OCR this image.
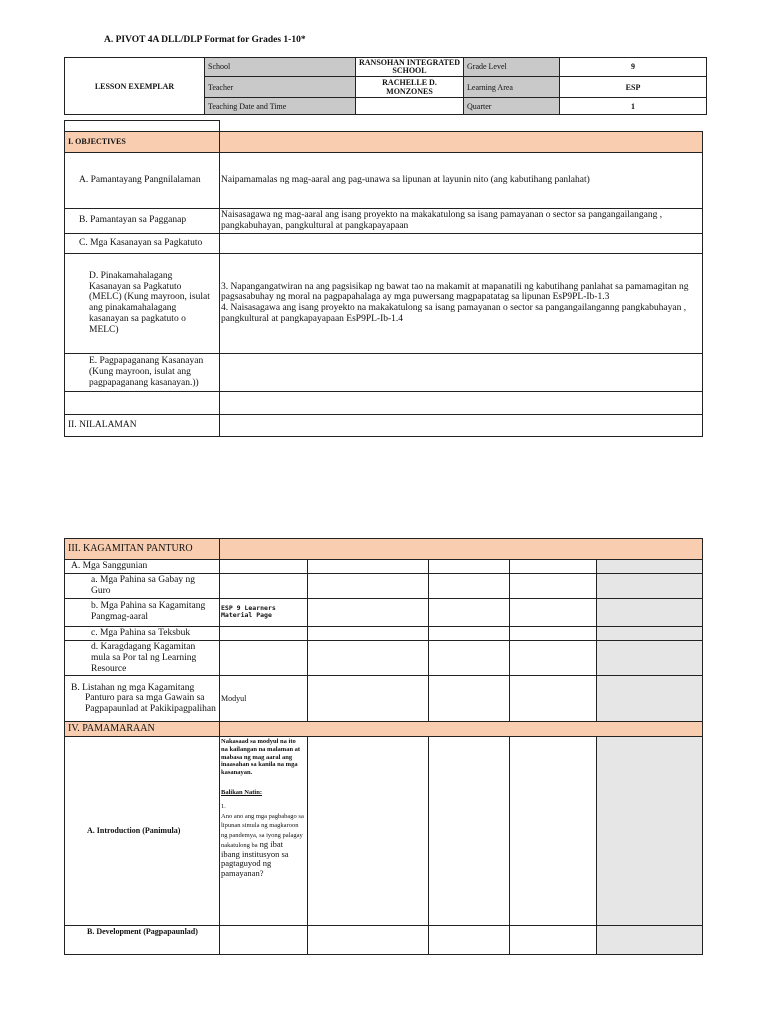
A. PIVOT 4A DLL/DLP Format for Grades 1-10*
LESSON EXEMPLAR	School	RANSOHAN INTEGRATED SCHOOL	Grade Level	9
	Teacher	RACHELLE D. MONZONES	Learning Area	ESP
	Teaching Date and Time		Quarter	1
I. OBJECTIVES	
A. Pamantayang Pangnilalaman	Naipamamalas ng mag-aaral ang pag-unawa sa lipunan at layunin nito (ang kabutihang panlahat)
B. Pamantayan sa Pagganap	Naisasagawa ng mag-aaral ang isang proyekto na makakatulong sa isang pamayanan o sector sa pangangailangang , pangkabuhayan, pangkultural at pangkapayapaan
C. Mga Kasanayan sa Pagkatuto	
D. Pinakamahalagang Kasanayan sa Pagkatuto (MELC) (Kung mayroon, isulat ang pinakamahalagang kasanayan sa pagkatuto o MELC)	3. Napangangatwiran na ang pagsisikap ng bawat tao na makamit at mapanatili ng kabutihang panlahat sa pamamagitan ng pagsasabuhay ng moral na pagpapahalaga ay mga puwersang magpapatatag sa lipunan EsP9PL-Ib-1.3
4. Naisasagawa ang isang proyekto na makakatulong sa isang pamayanan o sector sa pangangailanganng pangkabuhayan , pangkultural at pangkapayapaan EsP9PL-Ib-1.4

E. Pagpapaganang Kasanayan (Kung mayroon, isulat ang pagpapaganang kasanayan.))	

II. NILALAMAN	
III. KAGAMITAN PANTURO					
A. Mga Sanggunian					
a. Mga Pahina sa Gabay ng Guro					
b. Mga Pahina sa Kagamitang Pangmag-aaral	ESP 9 Learners Material Page				
c. Mga Pahina sa Teksbuk					
d. Karagdagang Kagamitan mula sa Por tal ng Learning Resource					
B. Listahan ng mga Kagamitang Panturo para sa mga Gawain sa Pagpapaunlad at Pakikipagpalihan	Modyul				
IV. PAMAMARAAN					
A. Introduction (Panimula)	Nakasaad sa modyul na ito na kailangan na malaman at mabasa ng mag aaral ang inaasahan sa kanila na mga kasanayan.

Balikan Natin:

1.

Ano ano ang mga pagbabago sa lipunan simula ng magkaroon ng pandemya, sa iyong palagay nakatulong ba ng ibat ibang institusyon sa pagtaguyod ng pamayanan?				
B. Development (Pagpapaunlad)					
